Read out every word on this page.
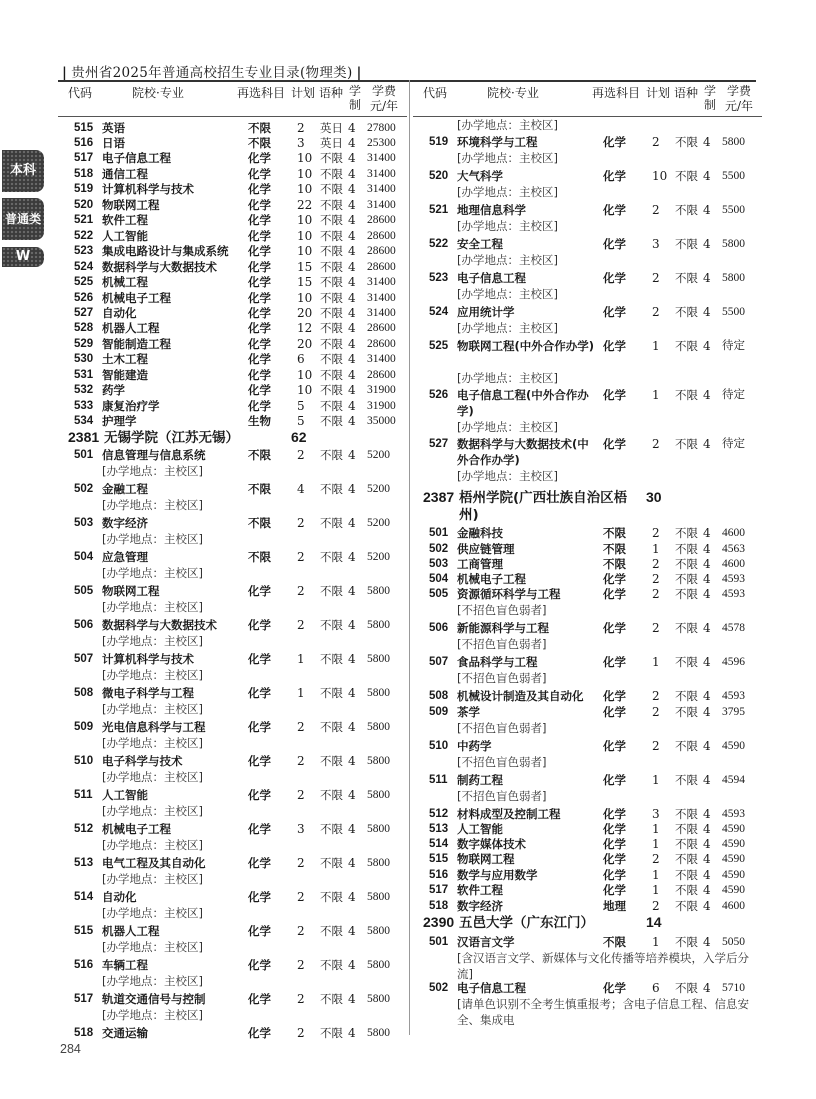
| 贵州省2025年普通高校招生专业目录(物理类) |
本科
普通类
W
代码	院校·专业	再选科目 计划 语种 学制
学费元/年
515 英语	不限 2 英日 4 27800
516 日语	不限 3 英日 4 25300
517 电子信息工程	化学 10 不限 4 31400
518 通信工程	化学 10 不限 4 31400
519 计算机科学与技术	化学 10 不限 4 31400
520 物联网工程	化学 22 不限 4 31400
521 软件工程	化学 10 不限 4 28600
522 人工智能	化学 10 不限 4 28600
523 集成电路设计与集成系统	化学 10 不限 4 28600
524 数据科学与大数据技术	化学 15 不限 4 28600
525 机械工程	化学 15 不限 4 31400
526 机械电子工程	化学 10 不限 4 31400
527 自动化	化学 20 不限 4 31400
528 机器人工程	化学 12 不限 4 28600
529 智能制造工程	化学 20 不限 4 28600
530 土木工程	化学 6 不限 4 31400
531 智能建造	化学 10 不限 4 28600
532 药学	化学 10 不限 4 31900
533 康复治疗学	化学 5 不限 4 31900
534 护理学	生物 5 不限 4 35000
2381 无锡学院（江苏无锡）	62
501 信息管理与信息系统	不限 2 不限 4 5200
[办学地点：主校区]
502 金融工程	不限 4 不限 4 5200
[办学地点：主校区]
503 数字经济	不限 2 不限 4 5200
[办学地点：主校区]
504 应急管理	不限 2 不限 4 5200
[办学地点：主校区]
505 物联网工程	化学 2 不限 4 5800
[办学地点：主校区]
506 数据科学与大数据技术	化学 2 不限 4 5800
[办学地点：主校区]
507 计算机科学与技术	化学 1 不限 4 5800
[办学地点：主校区]
508 微电子科学与工程	化学 1 不限 4 5800
[办学地点：主校区]
509 光电信息科学与工程	化学 2 不限 4 5800
[办学地点：主校区]
510 电子科学与技术	化学 2 不限 4 5800
[办学地点：主校区]
511 人工智能	化学 2 不限 4 5800
[办学地点：主校区]
512 机械电子工程	化学 3 不限 4 5800
[办学地点：主校区]
513 电气工程及其自动化	化学 2 不限 4 5800
[办学地点：主校区]
514 自动化	化学 2 不限 4 5800
[办学地点：主校区]
515 机器人工程	化学 2 不限 4 5800
[办学地点：主校区]
516 车辆工程	化学 2 不限 4 5800
[办学地点：主校区]
517 轨道交通信号与控制	化学 2 不限 4 5800
[办学地点：主校区]
518 交通运输	化学 2 不限 4 5800
代码	院校·专业	再选科目 计划 语种 学制
学费元/年
[办学地点：主校区]
519 环境科学与工程	化学 2 不限 4 5800
[办学地点：主校区]
520 大气科学	化学 10 不限 4 5500
[办学地点：主校区]
521 地理信息科学	化学 2 不限 4 5500
[办学地点：主校区]
522 安全工程	化学 3 不限 4 5800
[办学地点：主校区]
523 电子信息工程	化学 2 不限 4 5800
[办学地点：主校区]
524 应用统计学	化学 2 不限 4 5500
[办学地点：主校区]
525 物联网工程(中外合作办学) 化学 1 不限 4 待定
[办学地点：主校区]
526 电子信息工程(中外合作办学)
化学 1 不限 4 待定
[办学地点：主校区]
527 数据科学与大数据技术(中外合作办学)
化学 2 不限 4 待定
[办学地点：主校区]
2387 梧州学院(广西壮族自治区梧州)
30
501 金融科技	不限 2 不限 4 4600
502 供应链管理	不限 1 不限 4 4563
503 工商管理	不限 2 不限 4 4600
504 机械电子工程	化学 2 不限 4 4593
505 资源循环科学与工程	化学 2 不限 4 4593
[不招色盲色弱者]
506 新能源科学与工程	化学 2 不限 4 4578
[不招色盲色弱者]
507 食品科学与工程	化学 1 不限 4 4596
[不招色盲色弱者]
508 机械设计制造及其自动化	化学 2 不限 4 4593
509 茶学	化学 2 不限 4 3795
[不招色盲色弱者]
510 中药学	化学 2 不限 4 4590
[不招色盲色弱者]
511 制药工程	化学 1 不限 4 4594
[不招色盲色弱者]
512 材料成型及控制工程	化学 3 不限 4 4593
513 人工智能	化学 1 不限 4 4590
514 数字媒体技术	化学 1 不限 4 4590
515 物联网工程	化学 2 不限 4 4590
516 数学与应用数学	化学 1 不限 4 4590
517 软件工程	化学 1 不限 4 4590
518 数字经济	地理 2 不限 4 4600
2390 五邑大学（广东江门）	14
501 汉语言文学	不限 1 不限 4 5050
[含汉语言文学、新媒体与文化传播等培养模块，入学后分流]
502 电子信息工程	化学 6 不限 4 5710
[请单色识别不全考生慎重报考；含电子信息工程、信息安全、集成电
284
